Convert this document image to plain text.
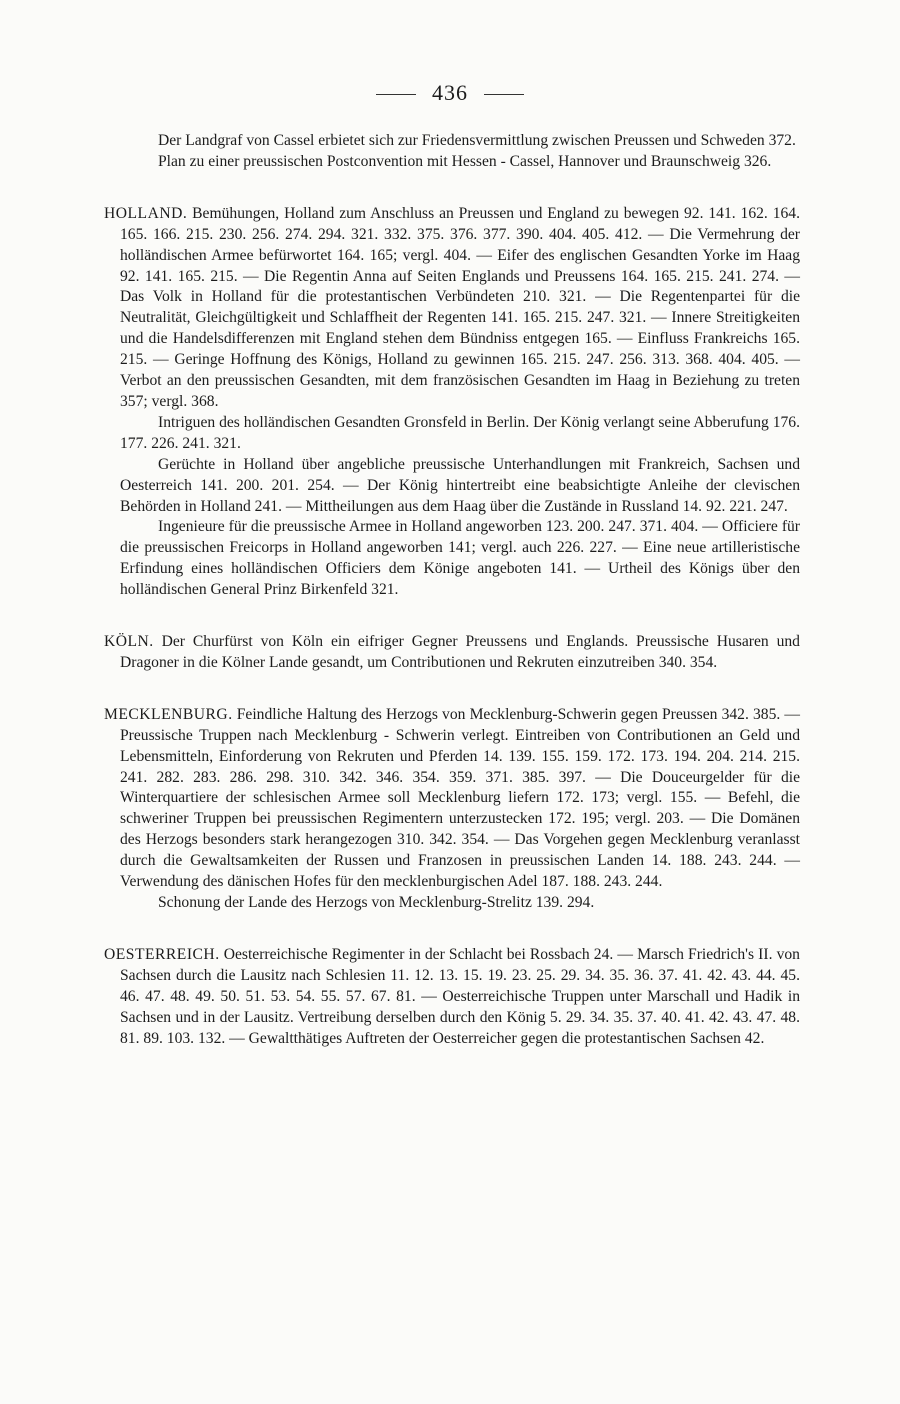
436

Der Landgraf von Cassel erbietet sich zur Friedensvermittlung zwischen Preussen und Schweden 372.

Plan zu einer preussischen Postconvention mit Hessen - Cassel, Hannover und Braunschweig 326.

HOLLAND. Bemühungen, Holland zum Anschluss an Preussen und England zu bewegen 92. 141. 162. 164. 165. 166. 215. 230. 256. 274. 294. 321. 332. 375. 376. 377. 390. 404. 405. 412. — Die Vermehrung der holländischen Armee befürwortet 164. 165; vergl. 404. — Eifer des englischen Gesandten Yorke im Haag 92. 141. 165. 215. — Die Regentin Anna auf Seiten Englands und Preussens 164. 165. 215. 241. 274. — Das Volk in Holland für die protestantischen Verbündeten 210. 321. — Die Regentenpartei für die Neutralität, Gleichgültigkeit und Schlaffheit der Regenten 141. 165. 215. 247. 321. — Innere Streitigkeiten und die Handelsdifferenzen mit England stehen dem Bündniss entgegen 165. — Einfluss Frankreichs 165. 215. — Geringe Hoffnung des Königs, Holland zu gewinnen 165. 215. 247. 256. 313. 368. 404. 405. — Verbot an den preussischen Gesandten, mit dem französischen Gesandten im Haag in Beziehung zu treten 357; vergl. 368.

Intriguen des holländischen Gesandten Gronsfeld in Berlin. Der König verlangt seine Abberufung 176. 177. 226. 241. 321.

Gerüchte in Holland über angebliche preussische Unterhandlungen mit Frankreich, Sachsen und Oesterreich 141. 200. 201. 254. — Der König hintertreibt eine beabsichtigte Anleihe der clevischen Behörden in Holland 241. — Mittheilungen aus dem Haag über die Zustände in Russland 14. 92. 221. 247.

Ingenieure für die preussische Armee in Holland angeworben 123. 200. 247. 371. 404. — Officiere für die preussischen Freicorps in Holland angeworben 141; vergl. auch 226. 227. — Eine neue artilleristische Erfindung eines holländischen Officiers dem Könige angeboten 141. — Urtheil des Königs über den holländischen General Prinz Birkenfeld 321.

KÖLN. Der Churfürst von Köln ein eifriger Gegner Preussens und Englands. Preussische Husaren und Dragoner in die Kölner Lande gesandt, um Contributionen und Rekruten einzutreiben 340. 354.

MECKLENBURG. Feindliche Haltung des Herzogs von Mecklenburg-Schwerin gegen Preussen 342. 385. — Preussische Truppen nach Mecklenburg - Schwerin verlegt. Eintreiben von Contributionen an Geld und Lebensmitteln, Einforderung von Rekruten und Pferden 14. 139. 155. 159. 172. 173. 194. 204. 214. 215. 241. 282. 283. 286. 298. 310. 342. 346. 354. 359. 371. 385. 397. — Die Douceurgelder für die Winterquartiere der schlesischen Armee soll Mecklenburg liefern 172. 173; vergl. 155. — Befehl, die schweriner Truppen bei preussischen Regimentern unterzustecken 172. 195; vergl. 203. — Die Domänen des Herzogs besonders stark herangezogen 310. 342. 354. — Das Vorgehen gegen Mecklenburg veranlasst durch die Gewaltsamkeiten der Russen und Franzosen in preussischen Landen 14. 188. 243. 244. — Verwendung des dänischen Hofes für den mecklenburgischen Adel 187. 188. 243. 244.

Schonung der Lande des Herzogs von Mecklenburg-Strelitz 139. 294.

OESTERREICH. Oesterreichische Regimenter in der Schlacht bei Rossbach 24. — Marsch Friedrich's II. von Sachsen durch die Lausitz nach Schlesien 11. 12. 13. 15. 19. 23. 25. 29. 34. 35. 36. 37. 41. 42. 43. 44. 45. 46. 47. 48. 49. 50. 51. 53. 54. 55. 57. 67. 81. — Oesterreichische Truppen unter Marschall und Hadik in Sachsen und in der Lausitz. Vertreibung derselben durch den König 5. 29. 34. 35. 37. 40. 41. 42. 43. 47. 48. 81. 89. 103. 132. — Gewaltthätiges Auftreten der Oesterreicher gegen die protestantischen Sachsen 42.
